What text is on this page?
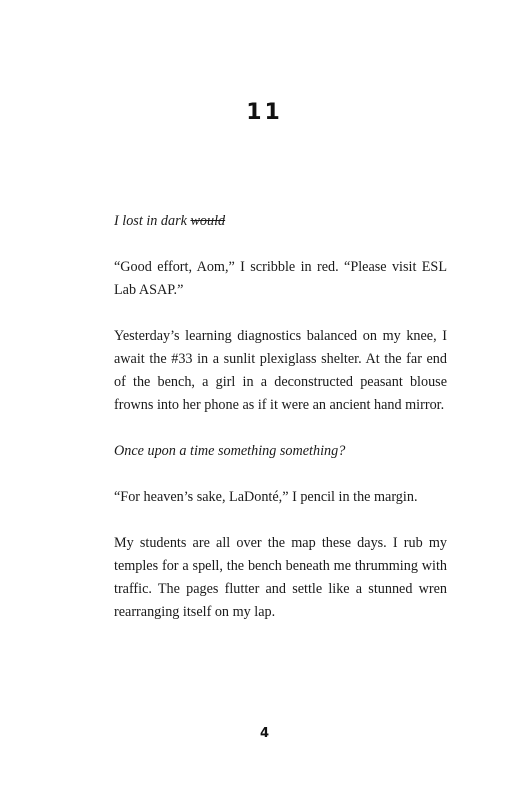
11

I lost in dark would

“Good effort, Aom,” I scribble in red. “Please visit ESL Lab ASAP.”

Yesterday’s learning diagnostics balanced on my knee, I await the #33 in a sunlit plexiglass shelter. At the far end of the bench, a girl in a deconstructed peasant blouse frowns into her phone as if it were an ancient hand mirror.

Once upon a time something something?

“For heaven’s sake, LaDonté,” I pencil in the margin.

My students are all over the map these days. I rub my temples for a spell, the bench beneath me thrumming with traffic. The pages flutter and settle like a stunned wren rearranging itself on my lap.

4
